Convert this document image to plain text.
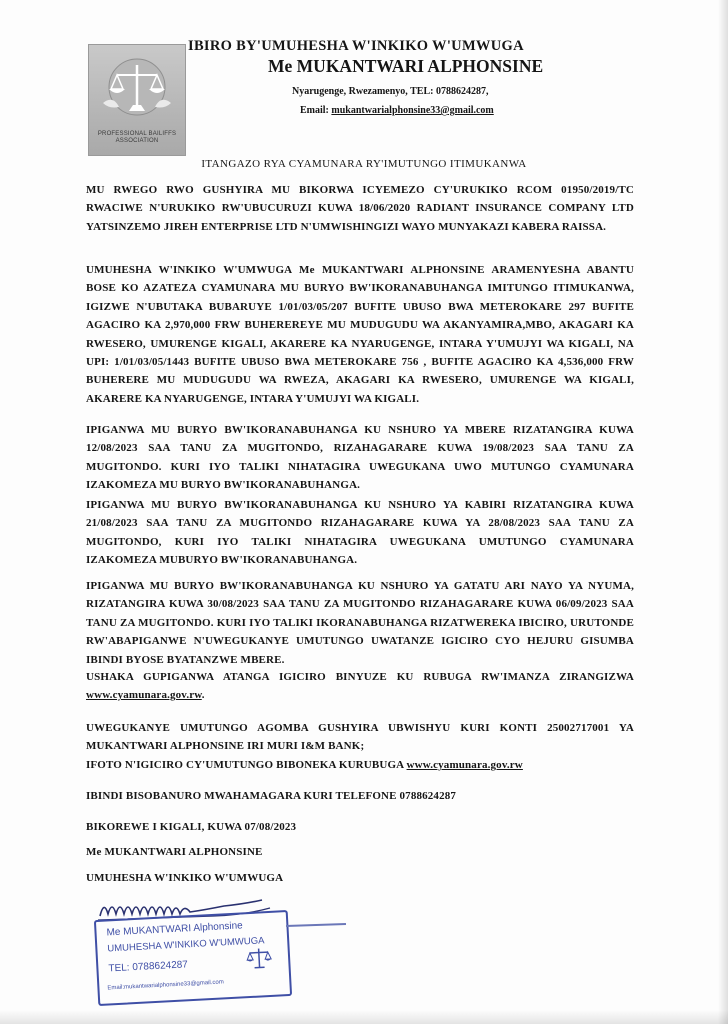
PROFESSIONAL BAILIFFS ASSOCIATION
IBIRO BY'UMUHESHA W'INKIKO W'UMWUGA
Me MUKANTWARI ALPHONSINE
Nyarugenge, Rwezamenyo, TEL: 0788624287,
Email: mukantwarialphonsine33@gmail.com
ITANGAZO RYA CYAMUNARA RY'IMUTUNGO ITIMUKANWA
MU RWEGO RWO GUSHYIRA MU BIKORWA ICYEMEZO CY'URUKIKO RCOM 01950/2019/TC RWACIWE N'URUKIKO RW'UBUCURUZI KUWA 18/06/2020 RADIANT INSURANCE COMPANY LTD YATSINZEMO JIREH ENTERPRISE LTD N'UMWISHINGIZI WAYO MUNYAKAZI KABERA RAISSA.
UMUHESHA W'INKIKO W'UMWUGA Me MUKANTWARI ALPHONSINE ARAMENYESHA ABANTU BOSE KO AZATEZA CYAMUNARA MU BURYO BW'IKORANABUHANGA IMITUNGO ITIMUKANWA, IGIZWE N'UBUTAKA BUBARUYE 1/01/03/05/207 BUFITE UBUSO BWA METEROKARE 297 BUFITE AGACIRO KA 2,970,000 FRW BUHEREREYE MU MUDUGUDU WA AKANYAMIRA,MBO, AKAGARI KA RWESERO, UMURENGE KIGALI, AKARERE KA NYARUGENGE, INTARA Y'UMUJYI WA KIGALI, NA UPI: 1/01/03/05/1443 BUFITE UBUSO BWA METEROKARE 756 , BUFITE AGACIRO KA 4,536,000 FRW BUHERERE MU MUDUGUDU WA RWEZA, AKAGARI KA RWESERO, UMURENGE WA KIGALI, AKARERE KA NYARUGENGE, INTARA Y'UMUJYI WA KIGALI.
IPIGANWA MU BURYO BW'IKORANABUHANGA KU NSHURO YA MBERE RIZATANGIRA KUWA 12/08/2023 SAA TANU ZA MUGITONDO, RIZAHAGARARE KUWA 19/08/2023 SAA TANU ZA MUGITONDO. KURI IYO TALIKI NIHATAGIRA UWEGUKANA UWO MUTUNGO CYAMUNARA IZAKOMEZA MU BURYO BW'IKORANABUHANGA.
IPIGANWA MU BURYO BW'IKORANABUHANGA KU NSHURO YA KABIRI RIZATANGIRA KUWA 21/08/2023 SAA TANU ZA MUGITONDO RIZAHAGARARE KUWA YA 28/08/2023 SAA TANU ZA MUGITONDO, KURI IYO TALIKI NIHATAGIRA UWEGUKANA UMUTUNGO CYAMUNARA IZAKOMEZA MUBURYO BW'IKORANABUHANGA.
IPIGANWA MU BURYO BW'IKORANABUHANGA KU NSHURO YA GATATU ARI NAYO YA NYUMA, RIZATANGIRA KUWA 30/08/2023 SAA TANU ZA MUGITONDO RIZAHAGARARE KUWA 06/09/2023 SAA TANU ZA MUGITONDO. KURI IYO TALIKI IKORANABUHANGA RIZATWEREKA IBICIRO, URUTONDE RW'ABAPIGANWE N'UWEGUKANYE UMUTUNGO UWATANZE IGICIRO CYO HEJURU GISUMBA IBINDI BYOSE BYATANZWE MBERE.
USHAKA GUPIGANWA ATANGA IGICIRO BINYUZE KU RUBUGA RW'IMANZA ZIRANGIZWA www.cyamunara.gov.rw.
UWEGUKANYE UMUTUNGO AGOMBA GUSHYIRA UBWISHYU KURI KONTI 25002717001 YA MUKANTWARI ALPHONSINE IRI MURI I&M BANK;
IFOTO N'IGICIRO CY'UMUTUNGO BIBONEKA KURUBUGA www.cyamunara.gov.rw
IBINDI BISOBANURO MWAHAMAGARA KURI TELEFONE 0788624287
BIKOREWE I KIGALI, KUWA 07/08/2023
Me MUKANTWARI ALPHONSINE
UMUHESHA W'INKIKO W'UMWUGA
Me MUKANTWARI Alphonsine
UMUHESHA W'INKIKO W'UMWUGA
TEL: 0788624287
Email:mukantwarialphonsine33@gmail.com
